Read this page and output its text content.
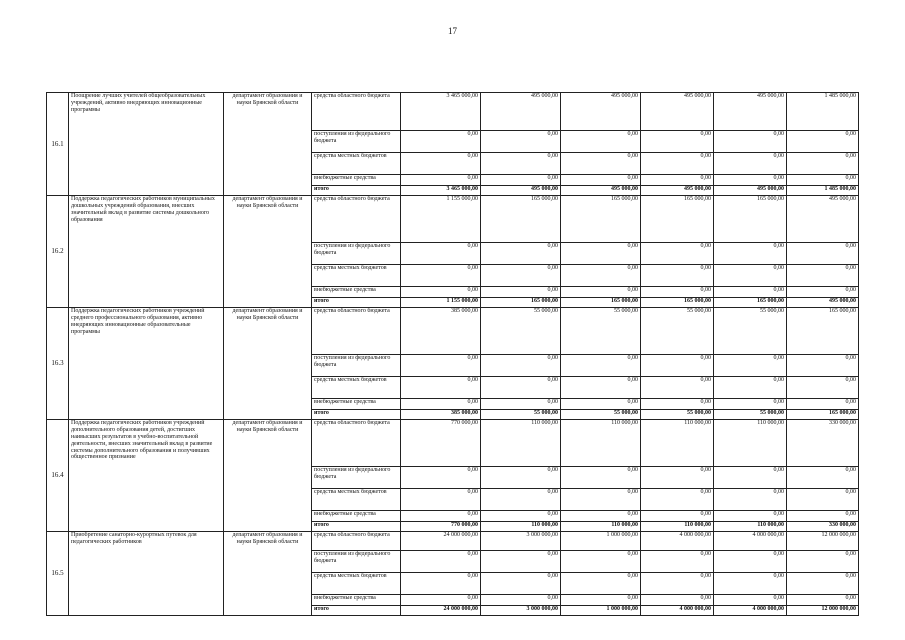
17
16.1	Поощрение лучших учителей общеобразовательных учреждений, активно внедряющих инновационные программы	департамент образования и науки Брянской области	средства областного бюджета	3 465 000,00	495 000,00	495 000,00	495 000,00	495 000,00	1 485 000,00
			поступления из федерального бюджета	0,00	0,00	0,00	0,00	0,00	0,00
			средства местных бюджетов	0,00	0,00	0,00	0,00	0,00	0,00
			внебюджетные средства	0,00	0,00	0,00	0,00	0,00	0,00
			итого	3 465 000,00	495 000,00	495 000,00	495 000,00	495 000,00	1 485 000,00
16.2	Поддержка педагогических работников муниципальных дошкольных учреждений образования, внесших значительный вклад в развитие системы дошкольного образования	департамент образования и науки Брянской области	средства областного бюджета	1 155 000,00	165 000,00	165 000,00	165 000,00	165 000,00	495 000,00
			поступления из федерального бюджета	0,00	0,00	0,00	0,00	0,00	0,00
			средства местных бюджетов	0,00	0,00	0,00	0,00	0,00	0,00
			внебюджетные средства	0,00	0,00	0,00	0,00	0,00	0,00
			итого	1 155 000,00	165 000,00	165 000,00	165 000,00	165 000,00	495 000,00
16.3	Поддержка педагогических работников учреждений среднего профессионального образования, активно внедряющих инновационные образовательные программы	департамент образования и науки Брянской области	средства областного бюджета	385 000,00	55 000,00	55 000,00	55 000,00	55 000,00	165 000,00
			поступления из федерального бюджета	0,00	0,00	0,00	0,00	0,00	0,00
			средства местных бюджетов	0,00	0,00	0,00	0,00	0,00	0,00
			внебюджетные средства	0,00	0,00	0,00	0,00	0,00	0,00
			итого	385 000,00	55 000,00	55 000,00	55 000,00	55 000,00	165 000,00
16.4	Поддержка педагогических работников учреждений дополнительного образования детей, достигших наивысших результатов в учебно-воспитательной деятельности, внесших значительный вклад в развитие системы дополнительного образования и получивших общественное признание	департамент образования и науки Брянской области	средства областного бюджета	770 000,00	110 000,00	110 000,00	110 000,00	110 000,00	330 000,00
			поступления из федерального бюджета	0,00	0,00	0,00	0,00	0,00	0,00
			средства местных бюджетов	0,00	0,00	0,00	0,00	0,00	0,00
			внебюджетные средства	0,00	0,00	0,00	0,00	0,00	0,00
			итого	770 000,00	110 000,00	110 000,00	110 000,00	110 000,00	330 000,00
16.5	Приобретение санаторно-курортных путевок для педагогических работников	департамент образования и науки Брянской области	средства областного бюджета	24 000 000,00	3 000 000,00	1 000 000,00	4 000 000,00	4 000 000,00	12 000 000,00
			поступления из федерального бюджета	0,00	0,00	0,00	0,00	0,00	0,00
			средства местных бюджетов	0,00	0,00	0,00	0,00	0,00	0,00
			внебюджетные средства	0,00	0,00	0,00	0,00	0,00	0,00
			итого	24 000 000,00	3 000 000,00	1 000 000,00	4 000 000,00	4 000 000,00	12 000 000,00
